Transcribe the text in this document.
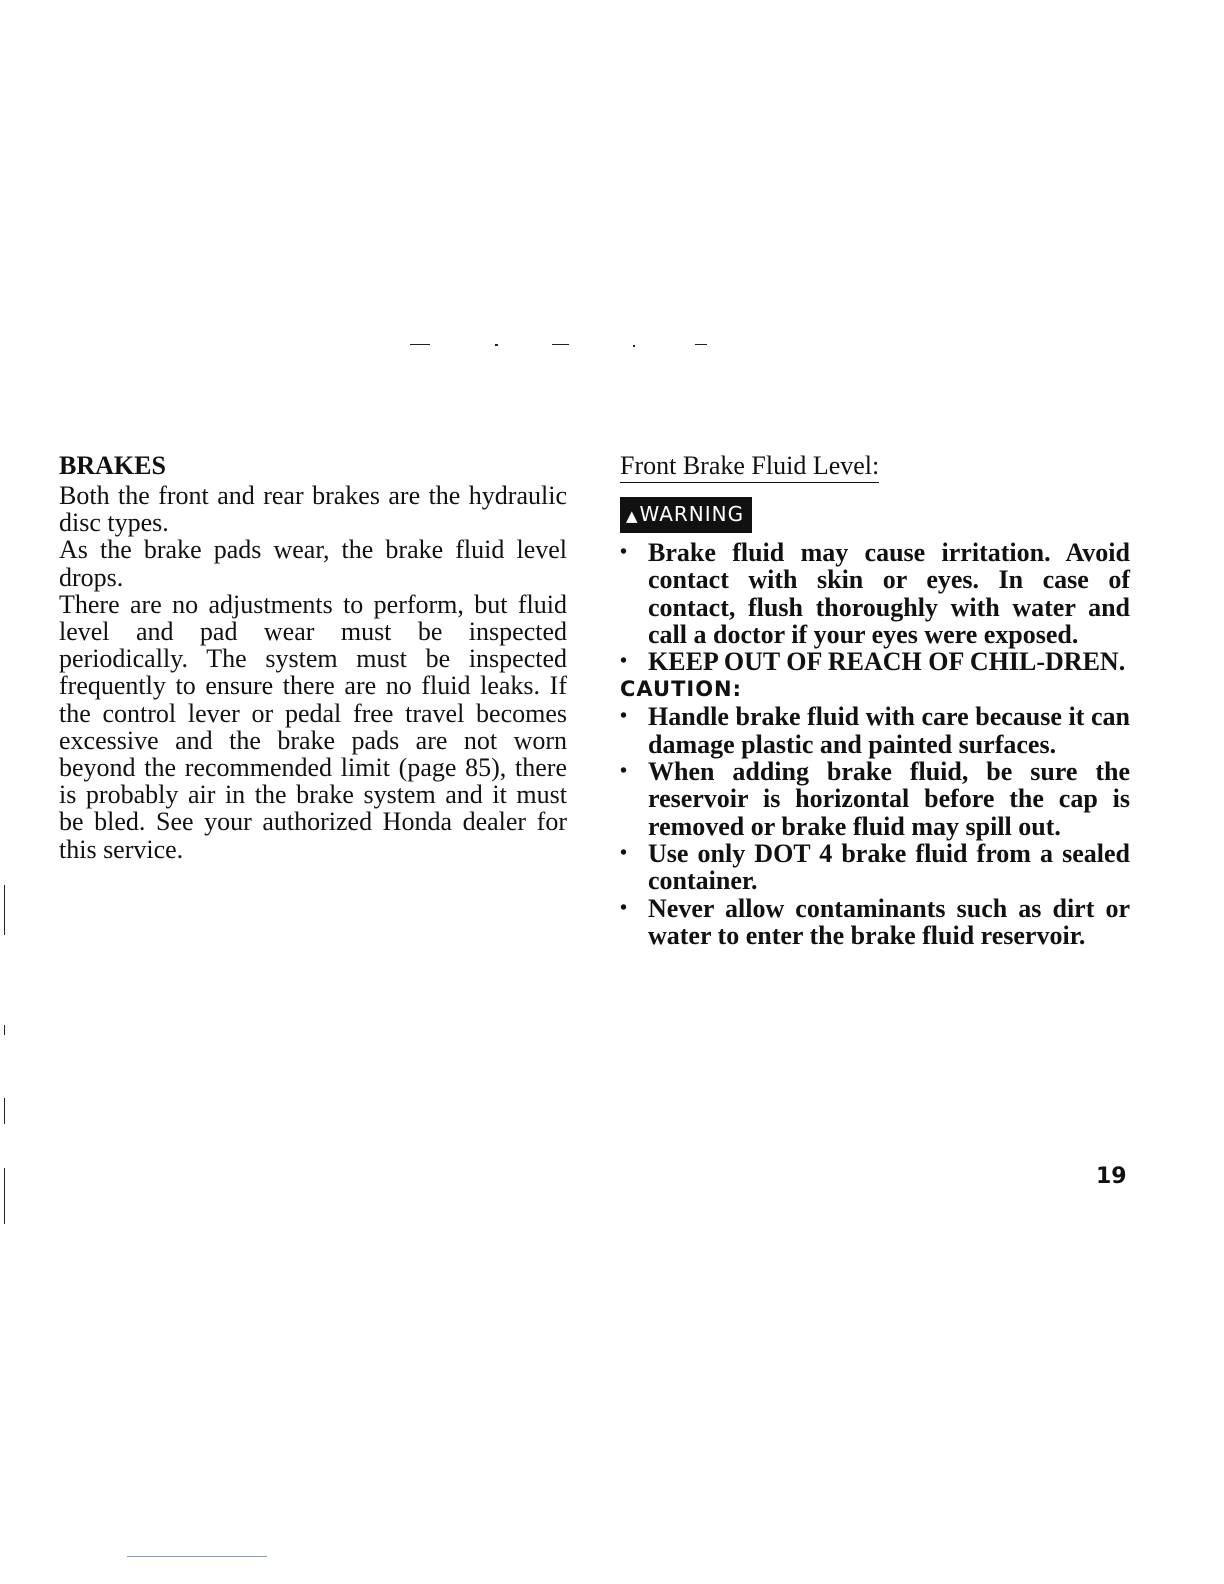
BRAKES

Both the front and rear brakes are the hydraulic disc types.

As the brake pads wear, the brake fluid level drops.

There are no adjustments to perform, but fluid level and pad wear must be inspected periodically. The system must be inspected frequently to ensure there are no fluid leaks. If the control lever or pedal free travel becomes excessive and the brake pads are not worn beyond the recommended limit (page 85), there is probably air in the brake system and it must be bled. See your authorized Honda dealer for this service.

Front Brake Fluid Level:
▲WARNING
• Brake fluid may cause irritation. Avoid contact with skin or eyes. In case of contact, flush thoroughly with water and call a doctor if your eyes were exposed.
• KEEP OUT OF REACH OF CHIL-DREN.

CAUTION:

• Handle brake fluid with care because it can damage plastic and painted surfaces.
• When adding brake fluid, be sure the reservoir is horizontal before the cap is removed or brake fluid may spill out.
• Use only DOT 4 brake fluid from a sealed container.
• Never allow contaminants such as dirt or water to enter the brake fluid reservoir.
19
